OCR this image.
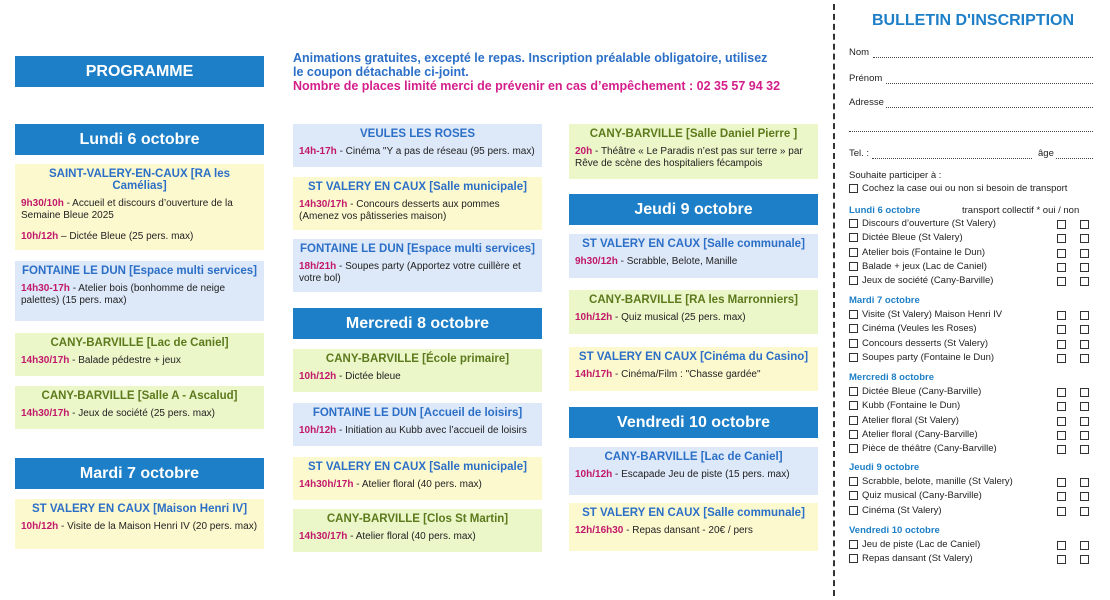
PROGRAMME
Animations gratuites, excepté le repas. Inscription préalable obligatoire, utilisez
le coupon détachable ci-joint.
Nombre de places limité merci de prévenir en cas d’empêchement : 02 35 57 94 32
Lundi 6 octobre
SAINT-VALERY-EN-CAUX [RA les Camélias]
9h30/10h - Accueil et discours d’ouverture de la
Semaine Bleue 2025
10h/12h – Dictée Bleue (25 pers. max)
FONTAINE LE DUN [Espace multi services]
14h30-17h - Atelier bois (bonhomme de neige
palettes) (15 pers. max)
CANY-BARVILLE [Lac de Caniel]
14h30/17h - Balade pédestre + jeux
CANY-BARVILLE [Salle A - Ascalud]
14h30/17h - Jeux de société (25 pers. max)
Mardi 7 octobre
ST VALERY EN CAUX [Maison Henri IV]
10h/12h - Visite de la Maison Henri IV (20 pers. max)
VEULES LES ROSES
14h-17h - Cinéma "Y a pas de réseau (95 pers. max)
ST VALERY EN CAUX [Salle municipale]
14h30/17h - Concours desserts aux pommes
(Amenez vos pâtisseries maison)
FONTAINE LE DUN [Espace multi services]
18h/21h - Soupes party (Apportez votre cuillère et
votre bol)
Mercredi 8 octobre
CANY-BARVILLE [École primaire]
10h/12h - Dictée bleue
FONTAINE LE DUN [Accueil de loisirs]
10h/12h - Initiation au Kubb avec l’accueil de loisirs
ST VALERY EN CAUX [Salle municipale]
14h30h/17h - Atelier floral (40 pers. max)
CANY-BARVILLE [Clos St Martin]
14h30/17h - Atelier floral (40 pers. max)
CANY-BARVILLE [Salle Daniel Pierre ]
20h - Théâtre « Le Paradis n’est pas sur terre » par
Rêve de scène des hospitaliers fécampois
Jeudi 9 octobre
ST VALERY EN CAUX [Salle communale]
9h30/12h - Scrabble, Belote, Manille
CANY-BARVILLE [RA les Marronniers]
10h/12h - Quiz musical (25 pers. max)
ST VALERY EN CAUX [Cinéma du Casino]
14h/17h - Cinéma/Film : "Chasse gardée"
Vendredi 10 octobre
CANY-BARVILLE [Lac de Caniel]
10h/12h - Escapade Jeu de piste (15 pers. max)
ST VALERY EN CAUX [Salle communale]
12h/16h30 - Repas dansant - 20€ / pers
BULLETIN D'INSCRIPTION
Nom
Prénom
Adresse
Tel. :	âge
Souhaite participer à :
Cochez la case oui ou non si besoin de transport
Lundi 6 octobre	transport collectif * oui / non
Mardi 7 octobre
Mercredi 8 octobre
Jeudi 9 octobre
Vendredi 10 octobre
Discours d’ouverture (St Valery)
Dictée Bleue (St Valery)
Atelier bois (Fontaine le Dun)
Balade + jeux (Lac de Caniel)
Jeux de société (Cany-Barville)
Visite (St Valery) Maison Henri IV
Cinéma (Veules les Roses)
Concours desserts (St Valery)
Soupes party (Fontaine le Dun)
Dictée Bleue (Cany-Barville)
Kubb (Fontaine le Dun)
Atelier floral (St Valery)
Atelier floral (Cany-Barville)
Pièce de théâtre (Cany-Barville)
Scrabble, belote, manille (St Valery)
Quiz musical (Cany-Barville)
Cinéma (St Valery)
Jeu de piste (Lac de Caniel)
Repas dansant (St Valery)
